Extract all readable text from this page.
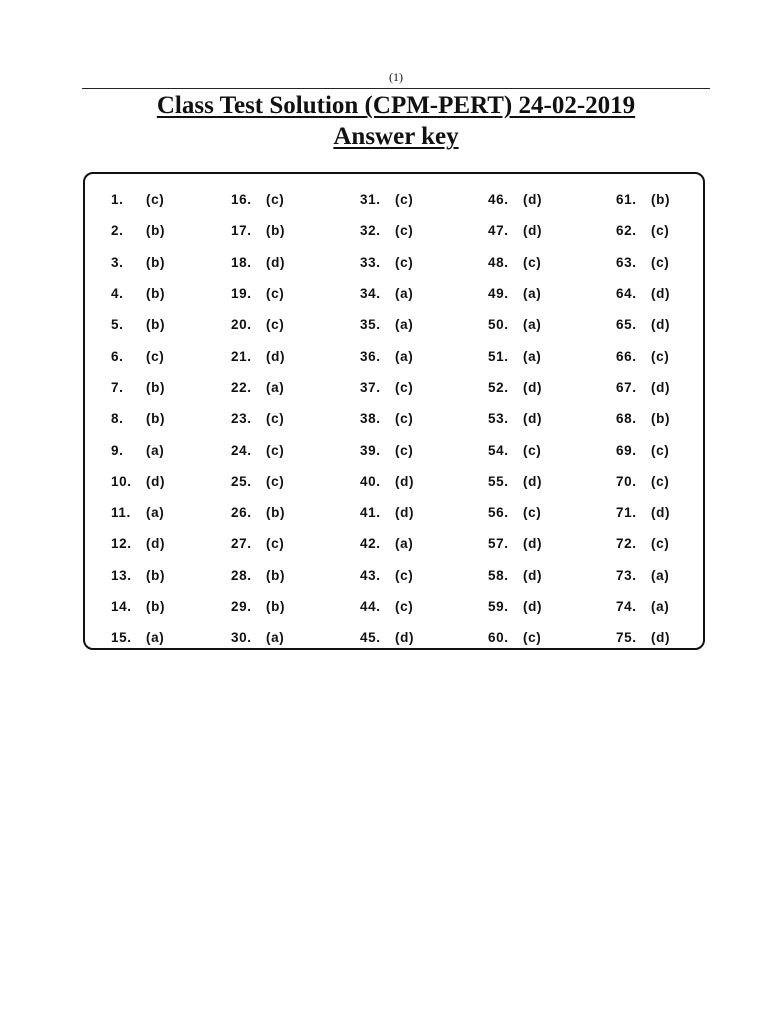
(1)
Class Test Solution (CPM-PERT) 24-02-2019
Answer key
1.	(c)
2.	(b)
3.	(b)
4.	(b)
5.	(b)
6.	(c)
7.	(b)
8.	(b)
9.	(a)
10.	(d)
11.	(a)
12.	(d)
13.	(b)
14.	(b)
15.	(a)
16.	(c)
17.	(b)
18.	(d)
19.	(c)
20.	(c)
21.	(d)
22.	(a)
23.	(c)
24.	(c)
25.	(c)
26.	(b)
27.	(c)
28.	(b)
29.	(b)
30.	(a)
31.	(c)
32.	(c)
33.	(c)
34.	(a)
35.	(a)
36.	(a)
37.	(c)
38.	(c)
39.	(c)
40.	(d)
41.	(d)
42.	(a)
43.	(c)
44.	(c)
45.	(d)
46.	(d)
47.	(d)
48.	(c)
49.	(a)
50.	(a)
51.	(a)
52.	(d)
53.	(d)
54.	(c)
55.	(d)
56.	(c)
57.	(d)
58.	(d)
59.	(d)
60.	(c)
61.	(b)
62.	(c)
63.	(c)
64.	(d)
65.	(d)
66.	(c)
67.	(d)
68.	(b)
69.	(c)
70.	(c)
71.	(d)
72.	(c)
73.	(a)
74.	(a)
75.	(d)
